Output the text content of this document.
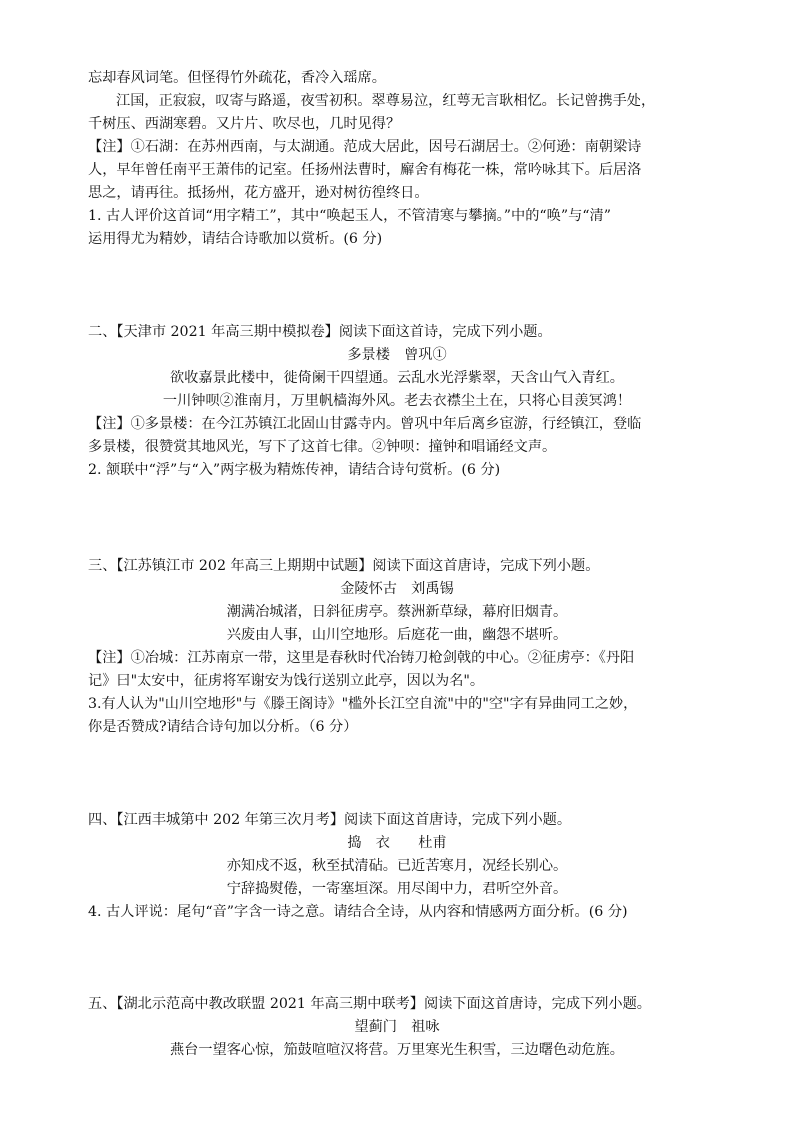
忘却春风词笔。但怪得竹外疏花，香冷入瑶席。
江国，正寂寂，叹寄与路遥，夜雪初积。翠尊易泣，红萼无言耿相忆。长记曾携手处，
千树压、西湖寒碧。又片片、吹尽也，几时见得？
【注】①石湖：在苏州西南，与太湖通。范成大居此，因号石湖居士。②何逊：南朝梁诗
人，早年曾任南平王萧伟的记室。任扬州法曹时，廨舍有梅花一株，常吟咏其下。后居洛
思之，请再往。抵扬州，花方盛开，逊对树彷徨终日。
1. 古人评价这首词“用字精工”，其中“唤起玉人，不管清寒与攀摘。”中的“唤”与“清”
运用得尤为精妙，请结合诗歌加以赏析。(6 分)
二、【天津市 2021 年高三期中模拟卷】阅读下面这首诗，完成下列小题。
多景楼　曾巩①
欲收嘉景此楼中，徙倚阑干四望通。云乱水光浮紫翠，天含山气入青红。
一川钟呗②淮南月，万里帆樯海外风。老去衣襟尘土在，只将心目羡冥鸿！
【注】①多景楼：在今江苏镇江北固山甘露寺内。曾巩中年后离乡宦游，行经镇江，登临
多景楼，很赞赏其地风光，写下了这首七律。②钟呗：撞钟和唱诵经文声。
2. 颔联中“浮”与“入”两字极为精炼传神，请结合诗句赏析。(6 分)
三、【江苏镇江市 202 年高三上期期中试题】阅读下面这首唐诗，完成下列小题。
金陵怀古　刘禹锡
潮满冶城渚，日斜征虏亭。蔡洲新草绿，幕府旧烟青。
兴废由人事，山川空地形。后庭花一曲，幽怨不堪听。
【注】①冶城：江苏南京一带，这里是春秋时代冶铸刀枪剑戟的中心。②征虏亭：《丹阳
记》曰"太安中，征虏将军谢安为饯行送别立此亭，因以为名"。
3.有人认为"山川空地形"与《滕王阁诗》"槛外长江空自流"中的"空"字有异曲同工之妙，
你是否赞成?请结合诗句加以分析。（6 分）
四、【江西丰城第中 202 年第三次月考】阅读下面这首唐诗，完成下列小题。
捣　衣　　杜甫
亦知戍不返，秋至拭清砧。已近苦寒月，况经长别心。
宁辞捣熨倦，一寄塞垣深。用尽闺中力，君听空外音。
4. 古人评说：尾句“音”字含一诗之意。请结合全诗，从内容和情感两方面分析。(6 分)
五、【湖北示范高中教改联盟 2021 年高三期中联考】阅读下面这首唐诗，完成下列小题。
望蓟门　祖咏
燕台一望客心惊，笳鼓喧喧汉将营。万里寒光生积雪，三边曙色动危旌。
